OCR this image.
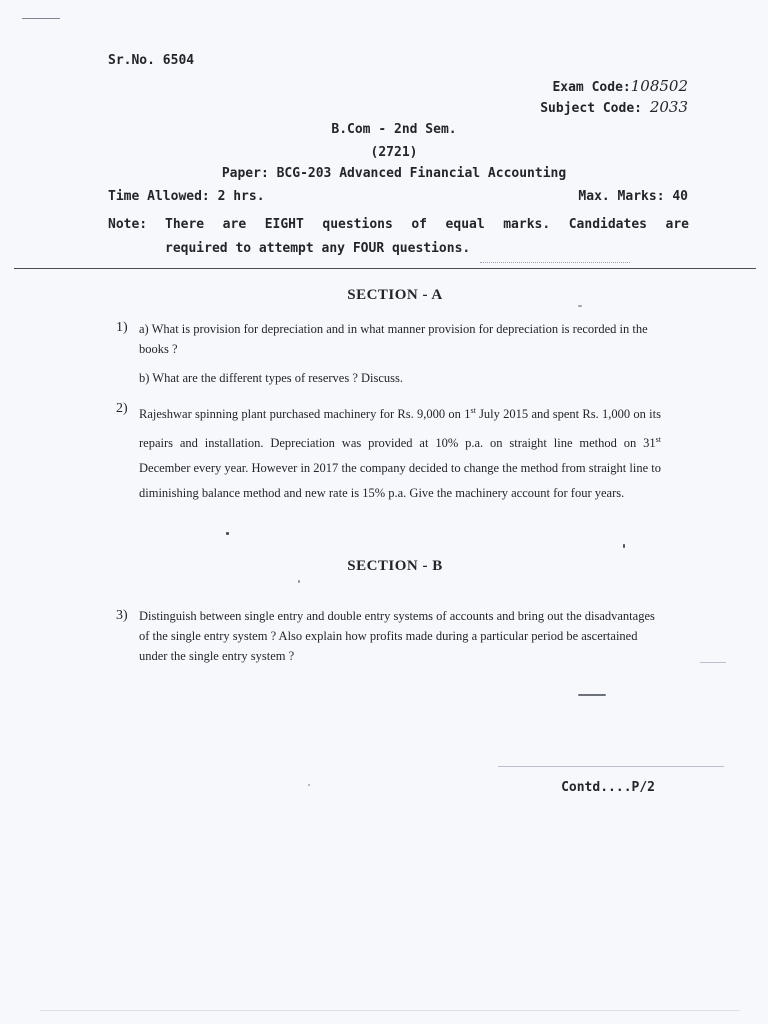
Sr.No. 6504
Exam Code:108502
Subject Code: 2033
B.Com - 2nd Sem.
(2721)
Paper: BCG-203 Advanced Financial Accounting
Time Allowed: 2 hrs.	Max. Marks: 40
Note: There are EIGHT questions of equal marks. Candidates are
required to attempt any FOUR questions.
SECTION - A
1) a) What is provision for depreciation and in what manner provision for depreciation is recorded in the books ?
b) What are the different types of reserves ? Discuss.
2) Rajeshwar spinning plant purchased machinery for Rs. 9,000 on 1st July 2015 and spent Rs. 1,000 on its repairs and installation. Depreciation was provided at 10% p.a. on straight line method on 31st December every year. However in 2017 the company decided to change the method from straight line to diminishing balance method and new rate is 15% p.a. Give the machinery account for four years.
SECTION - B
3) Distinguish between single entry and double entry systems of accounts and bring out the disadvantages of the single entry system ? Also explain how profits made during a particular period be ascertained under the single entry system ?
Contd....P/2
